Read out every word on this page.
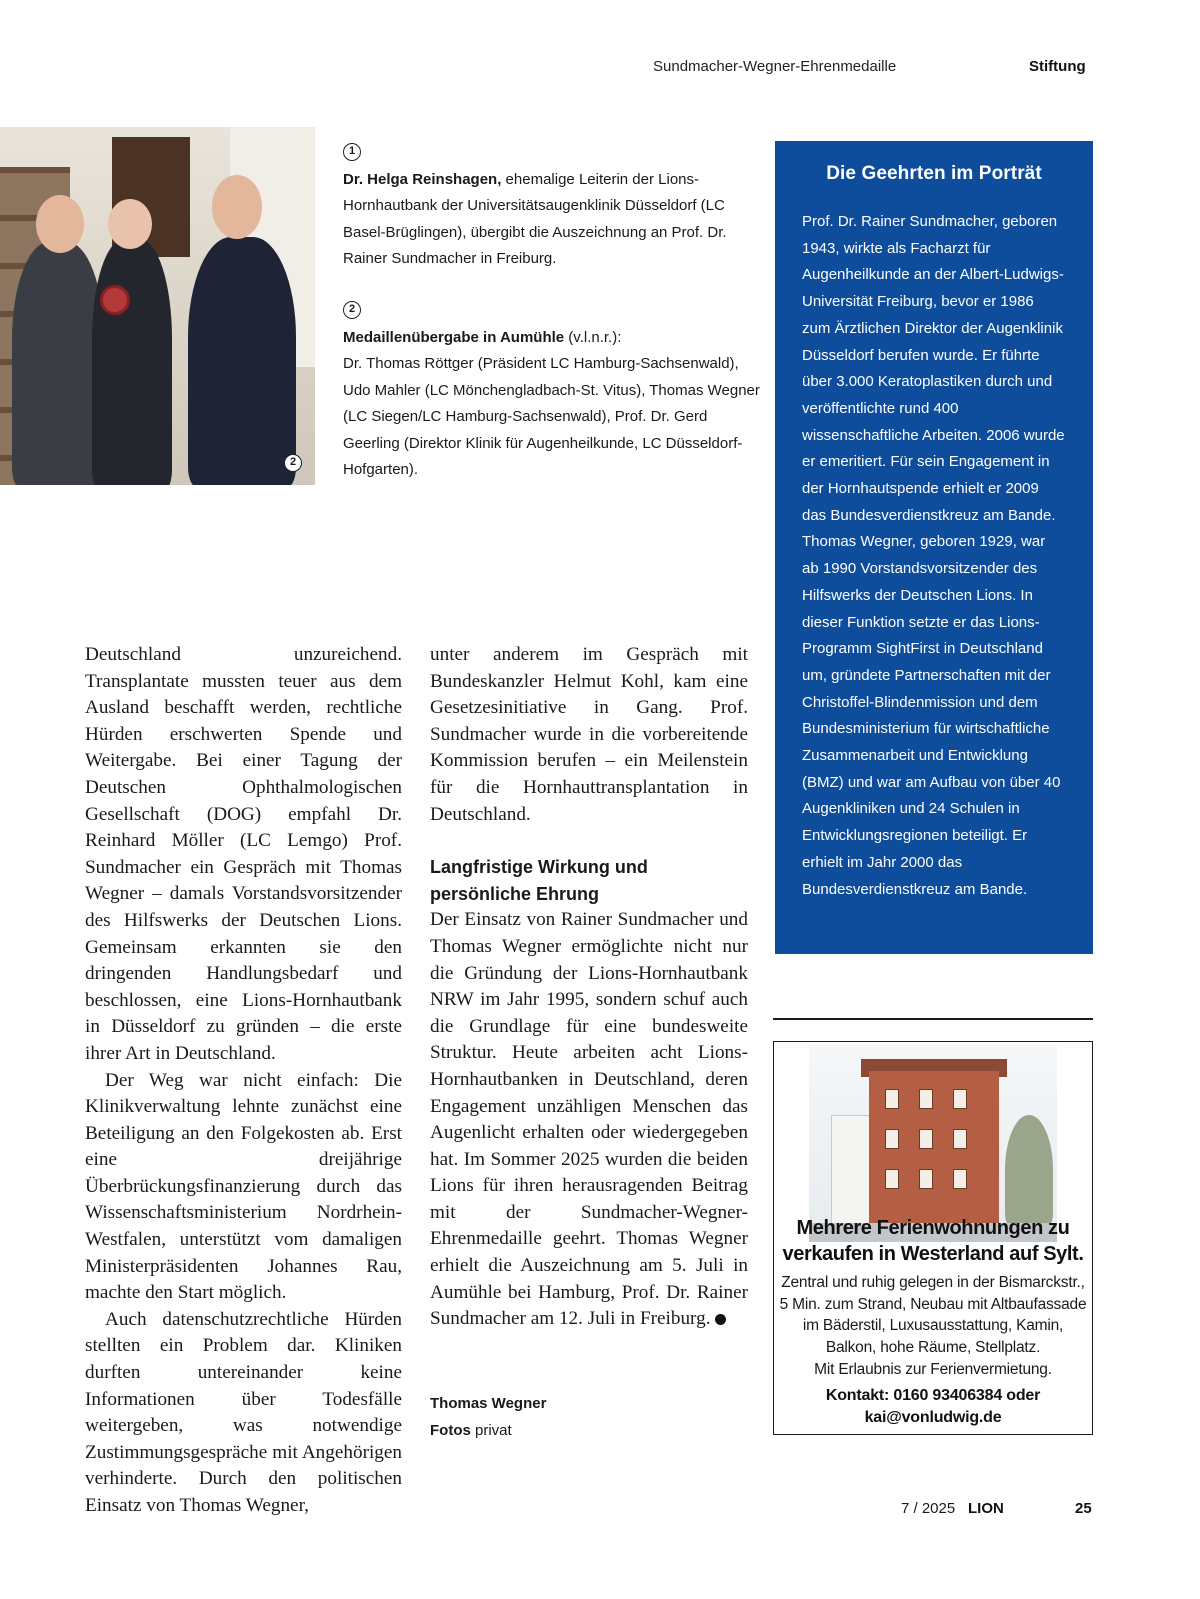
Sundmacher-Wegner-Ehrenmedaille	Stiftung
2
1
Dr. Helga Reinshagen, ehemalige Leiterin der Lions-Hornhautbank der Universitätsaugenklinik Düsseldorf (LC Basel-Brüglingen), übergibt die Auszeichnung an Prof. Dr. Rainer Sundmacher in Freiburg.
2
Medaillenübergabe in Aumühle (v.l.n.r.):
Dr. Thomas Röttger (Präsident LC Hamburg-Sachsenwald), Udo Mahler (LC Mönchengladbach-St. Vitus), Thomas Wegner (LC Siegen/LC Hamburg-Sachsenwald), Prof. Dr. Gerd Geerling (Direktor Klinik für Augenheilkunde, LC Düsseldorf-Hofgarten).
Die Geehrten im Porträt

Prof. Dr. Rainer Sundmacher, geboren 1943, wirkte als Facharzt für Augenheilkunde an der Albert-Ludwigs-Universität Freiburg, bevor er 1986 zum Ärztlichen Direktor der Augenklinik Düsseldorf berufen wurde. Er führte über 3.000 Keratoplastiken durch und veröffentlichte rund 400 wissenschaftliche Arbeiten. 2006 wurde er emeritiert. Für sein Engagement in der Hornhautspende erhielt er 2009 das Bundesverdienstkreuz am Bande.

Thomas Wegner, geboren 1929, war ab 1990 Vorstandsvorsitzender des Hilfswerks der Deutschen Lions. In dieser Funktion setzte er das Lions-Programm SightFirst in Deutschland um, gründete Partnerschaften mit der Christoffel-Blindenmission und dem Bundesministerium für wirtschaftliche Zusammenarbeit und Entwicklung (BMZ) und war am Aufbau von über 40 Augenkliniken und 24 Schulen in Entwicklungsregionen beteiligt. Er erhielt im Jahr 2000 das Bundesverdienstkreuz am Bande.

Deutschland unzureichend. Transplantate mussten teuer aus dem Ausland beschafft werden, rechtliche Hürden erschwerten Spende und Weitergabe. Bei einer Tagung der Deutschen Ophthalmologischen Gesellschaft (DOG) empfahl Dr. Reinhard Möller (LC Lemgo) Prof. Sundmacher ein Gespräch mit Thomas Wegner – damals Vorstandsvorsitzender des Hilfswerks der Deutschen Lions. Gemeinsam erkannten sie den dringenden Handlungsbedarf und beschlossen, eine Lions-Hornhautbank in Düsseldorf zu gründen – die erste ihrer Art in Deutschland.

Der Weg war nicht einfach: Die Klinikverwaltung lehnte zunächst eine Beteiligung an den Folgekosten ab. Erst eine dreijährige Überbrückungsfinanzierung durch das Wissenschaftsministerium Nordrhein-Westfalen, unterstützt vom damaligen Ministerpräsidenten Johannes Rau, machte den Start möglich.

Auch datenschutzrechtliche Hürden stellten ein Problem dar. Kliniken durften untereinander keine Informationen über Todesfälle weitergeben, was notwendige Zustimmungsgespräche mit Angehörigen verhinderte. Durch den politischen Einsatz von Thomas Wegner,

unter anderem im Gespräch mit Bundeskanzler Helmut Kohl, kam eine Gesetzesinitiative in Gang. Prof. Sundmacher wurde in die vorbereitende Kommission berufen – ein Meilenstein für die Hornhauttransplantation in Deutschland.

Langfristige Wirkung und persönliche Ehrung

Der Einsatz von Rainer Sundmacher und Thomas Wegner ermöglichte nicht nur die Gründung der Lions-Hornhautbank NRW im Jahr 1995, sondern schuf auch die Grundlage für eine bundesweite Struktur. Heute arbeiten acht Lions-Hornhautbanken in Deutschland, deren Engagement unzähligen Menschen das Augenlicht erhalten oder wiedergegeben hat. Im Sommer 2025 wurden die beiden Lions für ihren herausragenden Beitrag mit der Sundmacher-Wegner-Ehrenmedaille geehrt. Thomas Wegner erhielt die Auszeichnung am 5. Juli in Aumühle bei Hamburg, Prof. Dr. Rainer Sundmacher am 12. Juli in Freiburg.

Thomas Wegner
Fotos privat
Mehrere Ferienwohnungen zu verkaufen in Westerland auf Sylt.
Zentral und ruhig gelegen in der Bismarckstr.,
5 Min. zum Strand, Neubau mit Altbaufassade
im Bäderstil, Luxusausstattung, Kamin,
Balkon, hohe Räume, Stellplatz.
Mit Erlaubnis zur Ferienvermietung.
Kontakt: 0160 93406384 oder
kai@vonludwig.de
7 / 2025 LION	25
